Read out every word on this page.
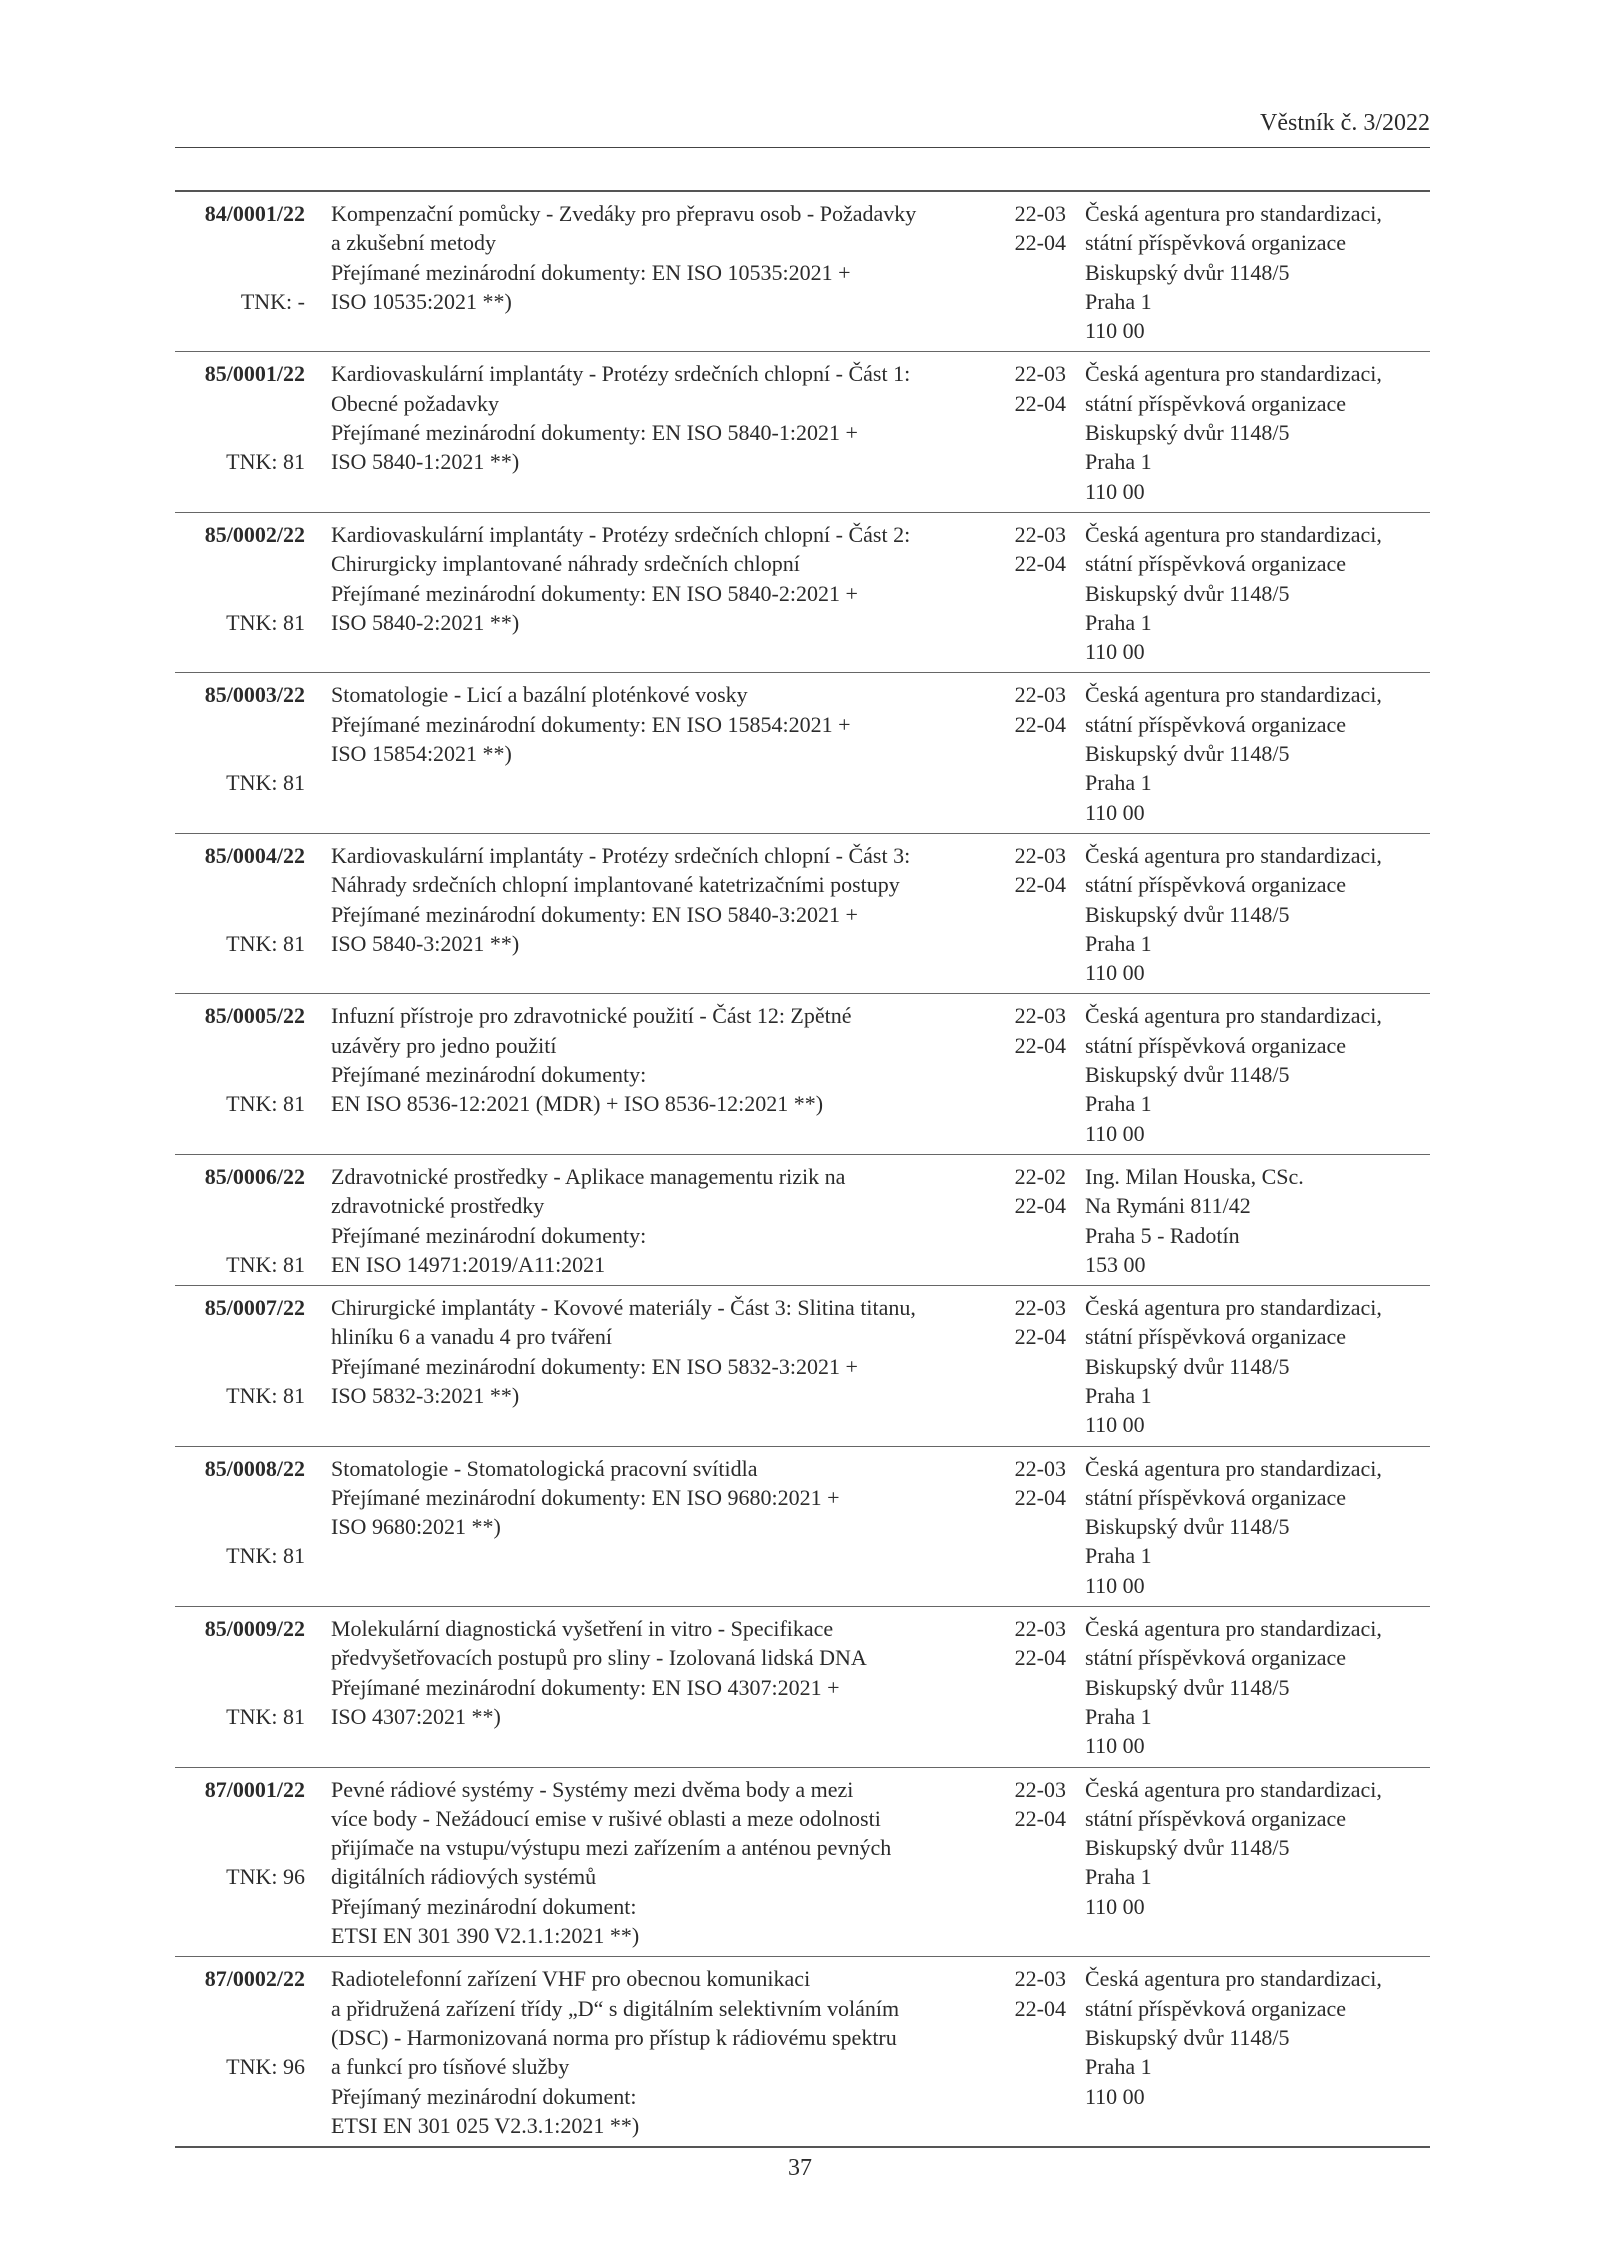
Věstník č. 3/2022
84/0001/22
TNK: -
Kompenzační pomůcky - Zvedáky pro přepravu osob - Požadavky
a zkušební metody
Přejímané mezinárodní dokumenty: EN ISO 10535:2021 +
ISO 10535:2021 **)
22-03
22-04
Česká agentura pro standardizaci,
státní příspěvková organizace
Biskupský dvůr 1148/5
Praha 1
110 00
85/0001/22
TNK: 81
Kardiovaskulární implantáty - Protézy srdečních chlopní - Část 1:
Obecné požadavky
Přejímané mezinárodní dokumenty: EN ISO 5840-1:2021 +
ISO 5840-1:2021 **)
22-03
22-04
Česká agentura pro standardizaci,
státní příspěvková organizace
Biskupský dvůr 1148/5
Praha 1
110 00
85/0002/22
TNK: 81
Kardiovaskulární implantáty - Protézy srdečních chlopní - Část 2:
Chirurgicky implantované náhrady srdečních chlopní
Přejímané mezinárodní dokumenty: EN ISO 5840-2:2021 +
ISO 5840-2:2021 **)
22-03
22-04
Česká agentura pro standardizaci,
státní příspěvková organizace
Biskupský dvůr 1148/5
Praha 1
110 00
85/0003/22
TNK: 81
Stomatologie - Licí a bazální ploténkové vosky
Přejímané mezinárodní dokumenty: EN ISO 15854:2021 +
ISO 15854:2021 **)
22-03
22-04
Česká agentura pro standardizaci,
státní příspěvková organizace
Biskupský dvůr 1148/5
Praha 1
110 00
85/0004/22
TNK: 81
Kardiovaskulární implantáty - Protézy srdečních chlopní - Část 3:
Náhrady srdečních chlopní implantované katetrizačními postupy
Přejímané mezinárodní dokumenty: EN ISO 5840-3:2021 +
ISO 5840-3:2021 **)
22-03
22-04
Česká agentura pro standardizaci,
státní příspěvková organizace
Biskupský dvůr 1148/5
Praha 1
110 00
85/0005/22
TNK: 81
Infuzní přístroje pro zdravotnické použití - Část 12: Zpětné
uzávěry pro jedno použití
Přejímané mezinárodní dokumenty:
EN ISO 8536-12:2021 (MDR) + ISO 8536-12:2021 **)
22-03
22-04
Česká agentura pro standardizaci,
státní příspěvková organizace
Biskupský dvůr 1148/5
Praha 1
110 00
85/0006/22
TNK: 81
Zdravotnické prostředky - Aplikace managementu rizik na
zdravotnické prostředky
Přejímané mezinárodní dokumenty:
EN ISO 14971:2019/A11:2021
22-02
22-04
Ing. Milan Houska, CSc.
Na Rymáni 811/42
Praha 5 - Radotín
153 00
85/0007/22
TNK: 81
Chirurgické implantáty - Kovové materiály - Část 3: Slitina titanu,
hliníku 6 a vanadu 4 pro tváření
Přejímané mezinárodní dokumenty: EN ISO 5832-3:2021 +
ISO 5832-3:2021 **)
22-03
22-04
Česká agentura pro standardizaci,
státní příspěvková organizace
Biskupský dvůr 1148/5
Praha 1
110 00
85/0008/22
TNK: 81
Stomatologie - Stomatologická pracovní svítidla
Přejímané mezinárodní dokumenty: EN ISO 9680:2021 +
ISO 9680:2021 **)
22-03
22-04
Česká agentura pro standardizaci,
státní příspěvková organizace
Biskupský dvůr 1148/5
Praha 1
110 00
85/0009/22
TNK: 81
Molekulární diagnostická vyšetření in vitro - Specifikace
předvyšetřovacích postupů pro sliny - Izolovaná lidská DNA
Přejímané mezinárodní dokumenty: EN ISO 4307:2021 +
ISO 4307:2021 **)
22-03
22-04
Česká agentura pro standardizaci,
státní příspěvková organizace
Biskupský dvůr 1148/5
Praha 1
110 00
87/0001/22
TNK: 96
Pevné rádiové systémy - Systémy mezi dvěma body a mezi
více body - Nežádoucí emise v rušivé oblasti a meze odolnosti
přijímače na vstupu/výstupu mezi zařízením a anténou pevných
digitálních rádiových systémů
Přejímaný mezinárodní dokument:
ETSI EN 301 390 V2.1.1:2021 **)
22-03
22-04
Česká agentura pro standardizaci,
státní příspěvková organizace
Biskupský dvůr 1148/5
Praha 1
110 00
87/0002/22
TNK: 96
Radiotelefonní zařízení VHF pro obecnou komunikaci
a přidružená zařízení třídy „D“ s digitálním selektivním voláním
(DSC) - Harmonizovaná norma pro přístup k rádiovému spektru
a funkcí pro tísňové služby
Přejímaný mezinárodní dokument:
ETSI EN 301 025 V2.3.1:2021 **)
22-03
22-04
Česká agentura pro standardizaci,
státní příspěvková organizace
Biskupský dvůr 1148/5
Praha 1
110 00
37
